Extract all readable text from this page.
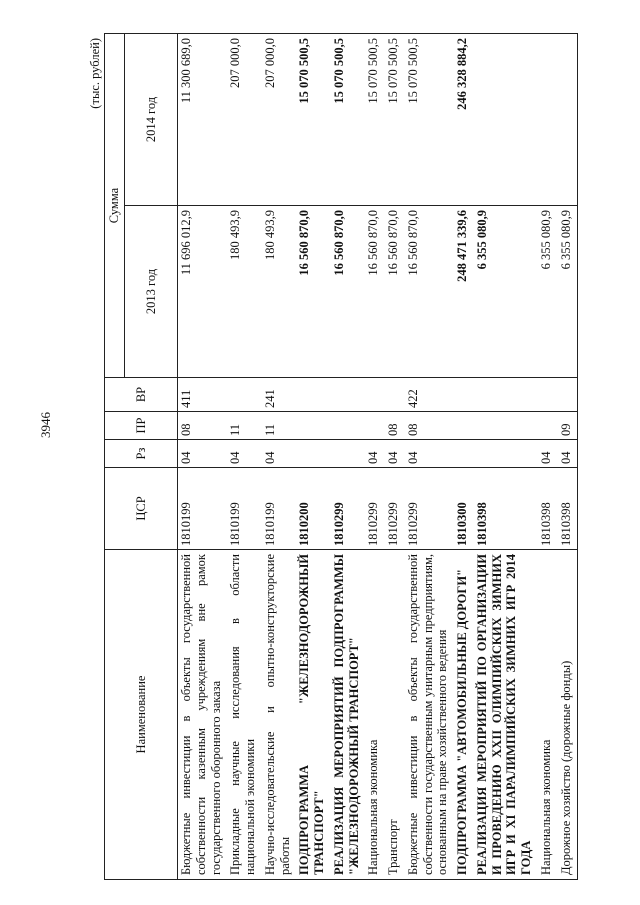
3946
(тыс. рублей)
Наименование	ЦСР	Рз	ПР	ВР	Сумма	
					2013 год	2014 год
Бюджетные инвестиции в объекты государственной собственности казенным учреждениям вне рамок государственного оборонного заказа	1810199	04	08	411	11 696 012,9	11 300 689,0
Прикладные научные исследования в области национальной экономики	1810199	04	11		180 493,9	207 000,0
Научно-исследовательские и опытно-конструкторские работы	1810199	04	11	241	180 493,9	207 000,0
ПОДПРОГРАММА "ЖЕЛЕЗНОДОРОЖНЫЙ ТРАНСПОРТ"	1810200				16 560 870,0	15 070 500,5
РЕАЛИЗАЦИЯ МЕРОПРИЯТИЙ ПОДПРОГРАММЫ "ЖЕЛЕЗНОДОРОЖНЫЙ ТРАНСПОРТ"	1810299				16 560 870,0	15 070 500,5
Национальная экономика	1810299	04			16 560 870,0	15 070 500,5
Транспорт	1810299	04	08		16 560 870,0	15 070 500,5
Бюджетные инвестиции в объекты государственной собственности государственным унитарным предприятиям, основанным на праве хозяйственного ведения	1810299	04	08	422	16 560 870,0	15 070 500,5
ПОДПРОГРАММА "АВТОМОБИЛЬНЫЕ ДОРОГИ"	1810300				248 471 339,6	246 328 884,2
РЕАЛИЗАЦИЯ МЕРОПРИЯТИЙ ПО ОРГАНИЗАЦИИ И ПРОВЕДЕНИЮ XXII ОЛИМПИЙСКИХ ЗИМНИХ ИГР И XI ПАРАЛИМПИЙСКИХ ЗИМНИХ ИГР 2014 ГОДА	1810398				6 355 080,9	
Национальная экономика	1810398	04			6 355 080,9	
Дорожное хозяйство (дорожные фонды)	1810398	04	09		6 355 080,9	
